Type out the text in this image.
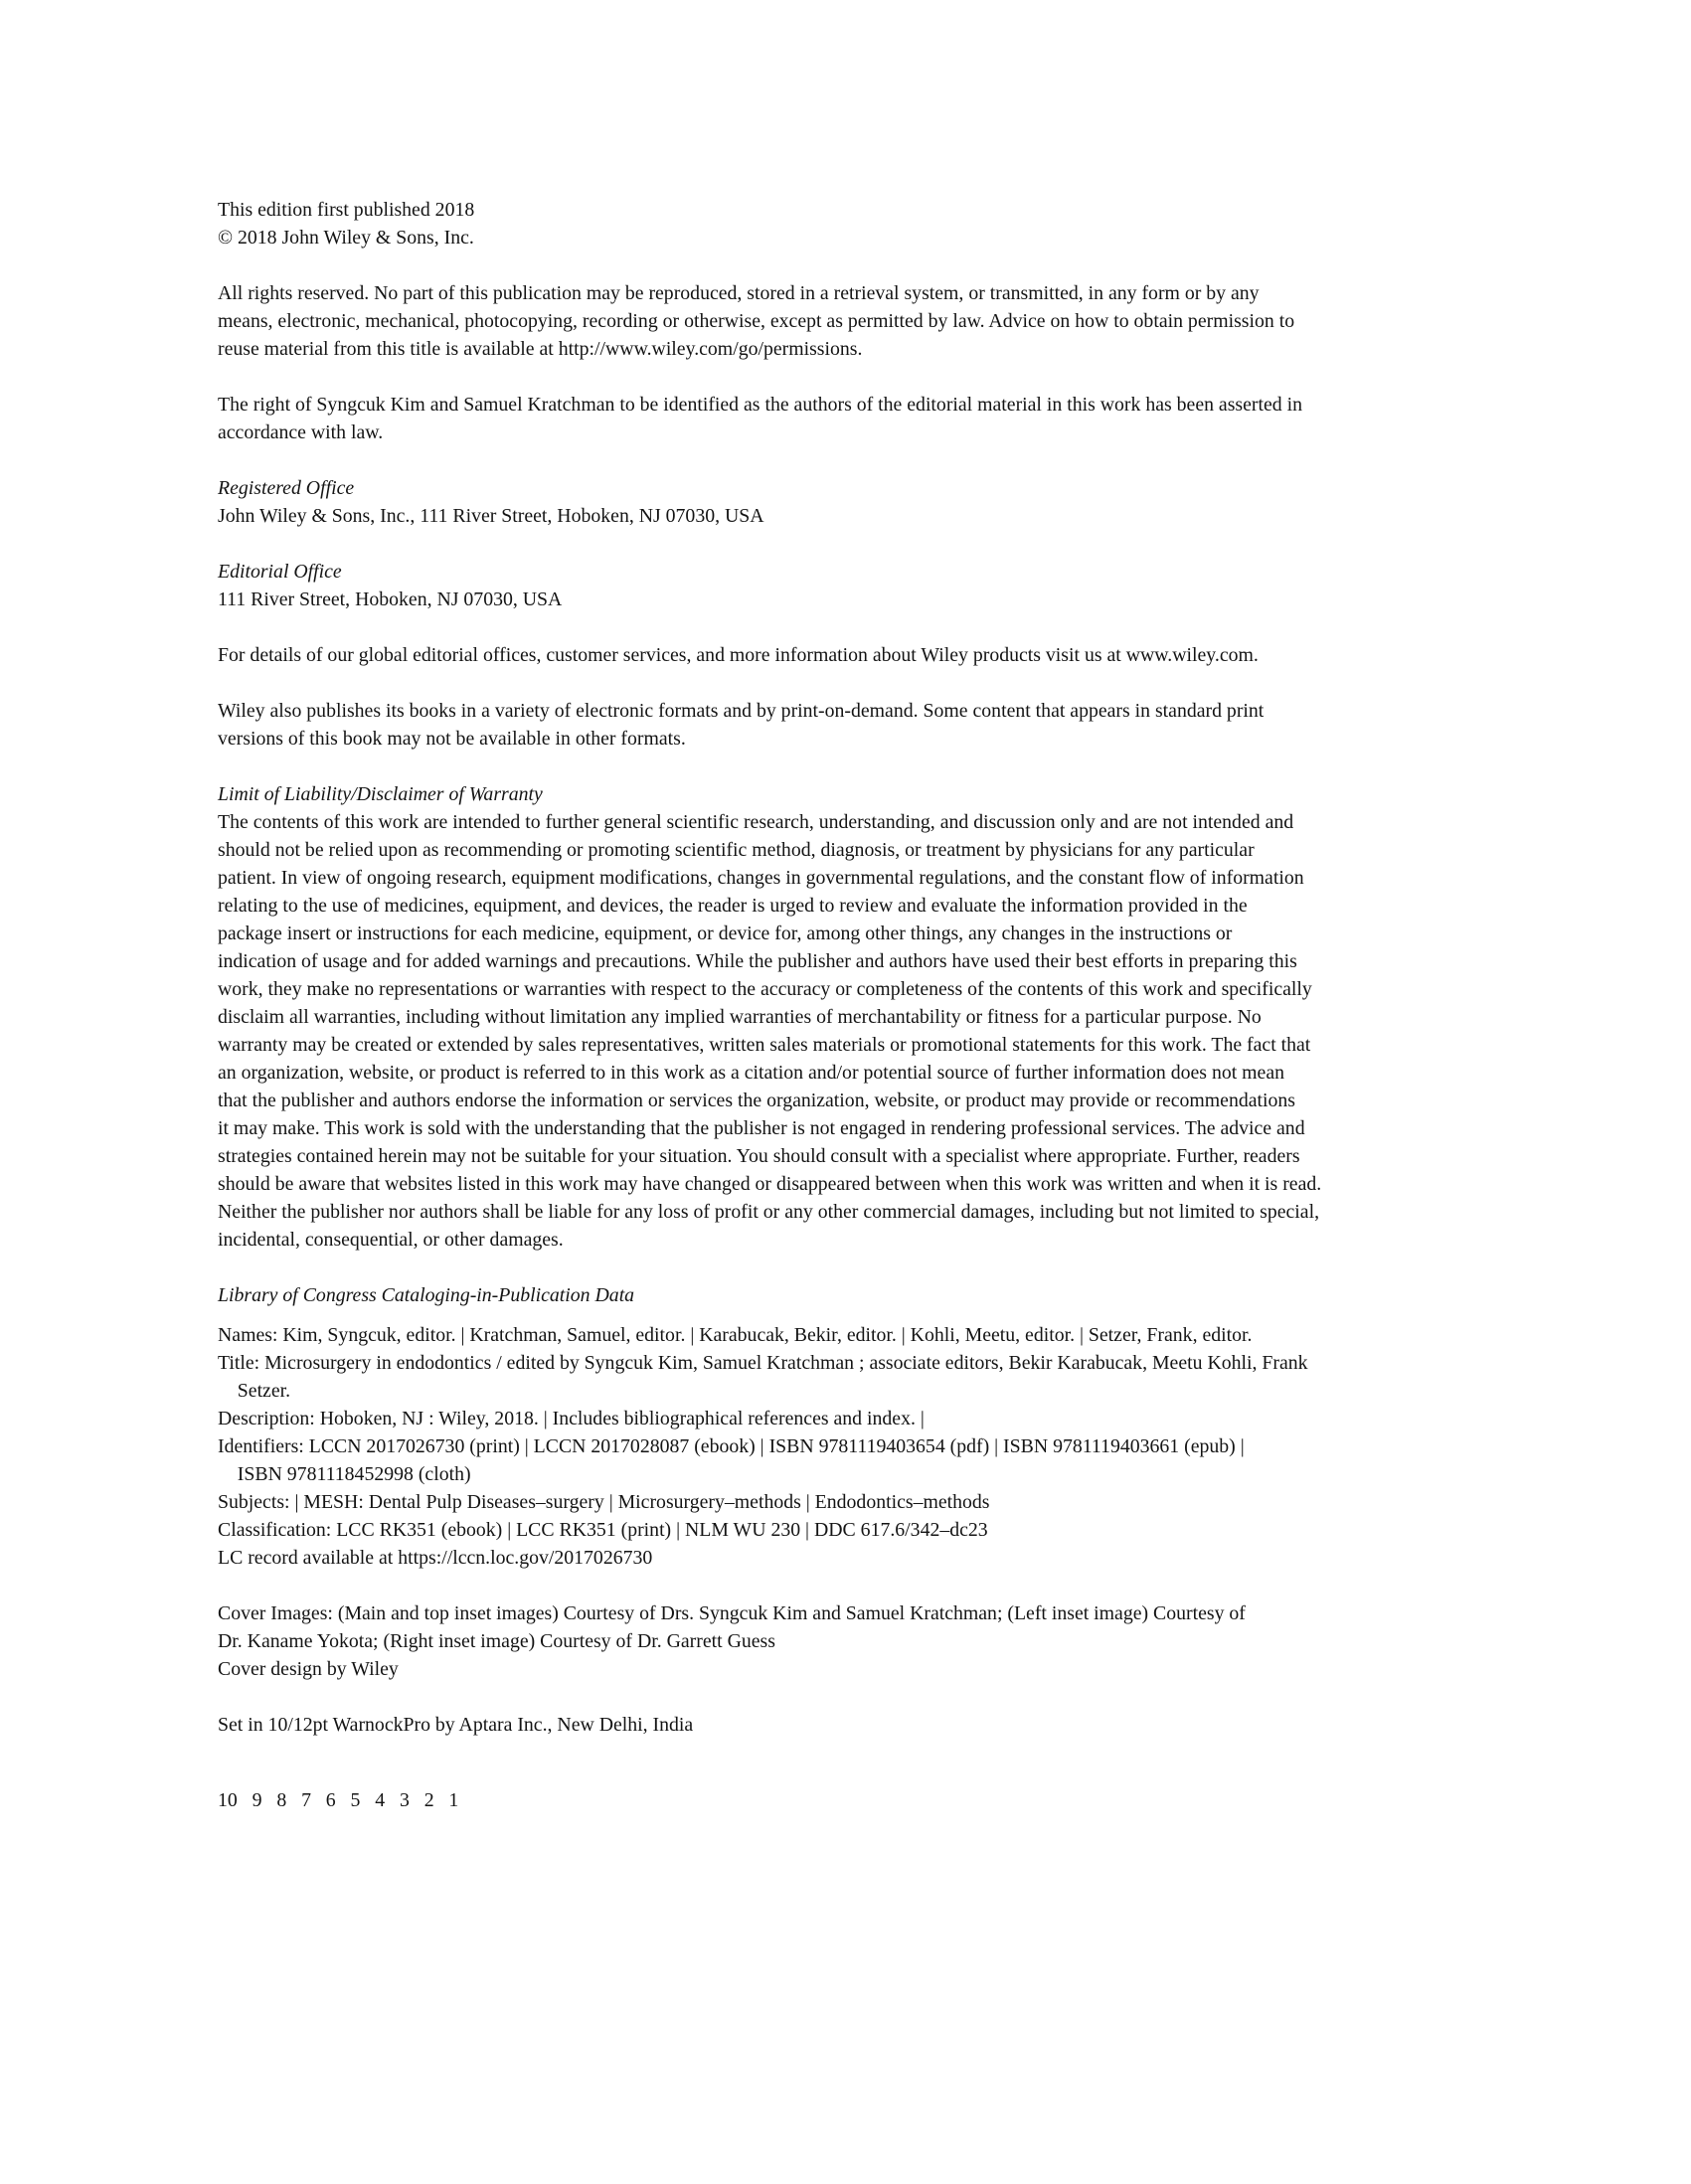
This edition first published 2018
© 2018 John Wiley & Sons, Inc.
All rights reserved. No part of this publication may be reproduced, stored in a retrieval system, or transmitted, in any form or by any
means, electronic, mechanical, photocopying, recording or otherwise, except as permitted by law. Advice on how to obtain permission to
reuse material from this title is available at http://www.wiley.com/go/permissions.
The right of Syngcuk Kim and Samuel Kratchman to be identified as the authors of the editorial material in this work has been asserted in
accordance with law.
Registered Office
John Wiley & Sons, Inc., 111 River Street, Hoboken, NJ 07030, USA
Editorial Office
111 River Street, Hoboken, NJ 07030, USA
For details of our global editorial offices, customer services, and more information about Wiley products visit us at www.wiley.com.
Wiley also publishes its books in a variety of electronic formats and by print-on-demand. Some content that appears in standard print
versions of this book may not be available in other formats.
Limit of Liability/Disclaimer of Warranty
The contents of this work are intended to further general scientific research, understanding, and discussion only and are not intended and
should not be relied upon as recommending or promoting scientific method, diagnosis, or treatment by physicians for any particular
patient. In view of ongoing research, equipment modifications, changes in governmental regulations, and the constant flow of information
relating to the use of medicines, equipment, and devices, the reader is urged to review and evaluate the information provided in the
package insert or instructions for each medicine, equipment, or device for, among other things, any changes in the instructions or
indication of usage and for added warnings and precautions. While the publisher and authors have used their best efforts in preparing this
work, they make no representations or warranties with respect to the accuracy or completeness of the contents of this work and specifically
disclaim all warranties, including without limitation any implied warranties of merchantability or fitness for a particular purpose. No
warranty may be created or extended by sales representatives, written sales materials or promotional statements for this work. The fact that
an organization, website, or product is referred to in this work as a citation and/or potential source of further information does not mean
that the publisher and authors endorse the information or services the organization, website, or product may provide or recommendations
it may make. This work is sold with the understanding that the publisher is not engaged in rendering professional services. The advice and
strategies contained herein may not be suitable for your situation. You should consult with a specialist where appropriate. Further, readers
should be aware that websites listed in this work may have changed or disappeared between when this work was written and when it is read.
Neither the publisher nor authors shall be liable for any loss of profit or any other commercial damages, including but not limited to special,
incidental, consequential, or other damages.
Library of Congress Cataloging-in-Publication Data
Names: Kim, Syngcuk, editor. | Kratchman, Samuel, editor. | Karabucak, Bekir, editor. | Kohli, Meetu, editor. | Setzer, Frank, editor.
Title: Microsurgery in endodontics / edited by Syngcuk Kim, Samuel Kratchman ; associate editors, Bekir Karabucak, Meetu Kohli, Frank
Setzer.
Description: Hoboken, NJ : Wiley, 2018. | Includes bibliographical references and index. |
Identifiers: LCCN 2017026730 (print) | LCCN 2017028087 (ebook) | ISBN 9781119403654 (pdf) | ISBN 9781119403661 (epub) |
ISBN 9781118452998 (cloth)
Subjects: | MESH: Dental Pulp Diseases–surgery | Microsurgery–methods | Endodontics–methods
Classification: LCC RK351 (ebook) | LCC RK351 (print) | NLM WU 230 | DDC 617.6/342–dc23
LC record available at https://lccn.loc.gov/2017026730
Cover Images: (Main and top inset images) Courtesy of Drs. Syngcuk Kim and Samuel Kratchman; (Left inset image) Courtesy of
Dr. Kaname Yokota; (Right inset image) Courtesy of Dr. Garrett Guess
Cover design by Wiley
Set in 10/12pt WarnockPro by Aptara Inc., New Delhi, India
10   9   8   7   6   5   4   3   2   1
